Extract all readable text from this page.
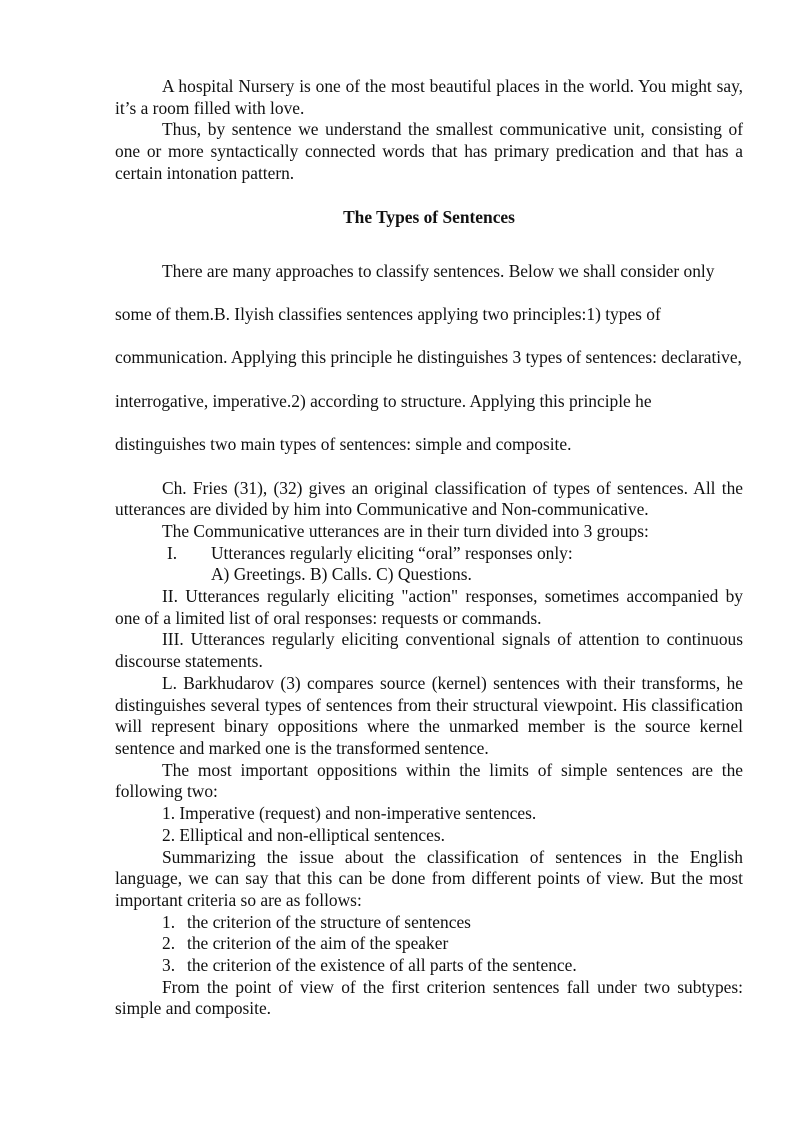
A hospital Nursery is one of the most beautiful places in the world. You might say, it’s a room filled with love.

Thus, by sentence we understand the smallest communicative unit, consisting of one or more syntactically connected words that has primary predication and that has a certain intonation pattern.

The Types of Sentences

There are many approaches to classify sentences. Below we shall consider only some of them.B. Ilyish classifies sentences applying two principles:1) types of communication. Applying this principle he distinguishes 3 types of sentences: declarative, interrogative, imperative.2) according to structure. Applying this principle he distinguishes two main types of sentences: simple and composite.

Ch. Fries (31), (32) gives an original classification of types of sentences. All the utterances are divided by him into Communicative and Non-communicative.

The Communicative utterances are in their turn divided into 3 groups:

I.	Utterances regularly eliciting “oral” responses only:

A) Greetings. B) Calls. C) Questions.

II. Utterances regularly eliciting "action" responses, sometimes accompanied by one of a limited list of oral responses: requests or commands.

III. Utterances regularly eliciting conventional signals of attention to continuous discourse statements.

L. Barkhudarov (3) compares source (kernel) sentences with their transforms, he distinguishes several types of sentences from their structural viewpoint. His classification will represent binary oppositions where the unmarked member is the source kernel sentence and marked one is the transformed sentence.

The most important oppositions within the limits of simple sentences are the following two:

1. Imperative (request) and non-imperative sentences.

2. Elliptical and non-elliptical sentences.

Summarizing the issue about the classification of sentences in the English language, we can say that this can be done from different points of view. But the most important criteria so are as follows:

1. the criterion of the structure of sentences
2. the criterion of the aim of the speaker
3. the criterion of the existence of all parts of the sentence.

From the point of view of the first criterion sentences fall under two subtypes: simple and composite.
